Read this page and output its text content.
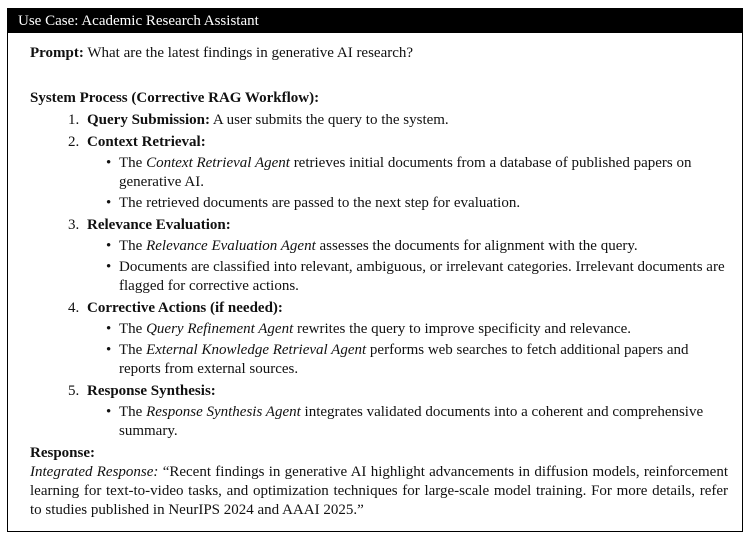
Use Case: Academic Research Assistant
Prompt: What are the latest findings in generative AI research?
System Process (Corrective RAG Workflow):
1. Query Submission: A user submits the query to the system.
2. Context Retrieval:
• The Context Retrieval Agent retrieves initial documents from a database of published papers on generative AI.
• The retrieved documents are passed to the next step for evaluation.
3. Relevance Evaluation:
• The Relevance Evaluation Agent assesses the documents for alignment with the query.
• Documents are classified into relevant, ambiguous, or irrelevant categories. Irrelevant documents are flagged for corrective actions.
4. Corrective Actions (if needed):
• The Query Refinement Agent rewrites the query to improve specificity and relevance.
• The External Knowledge Retrieval Agent performs web searches to fetch additional papers and reports from external sources.
5. Response Synthesis:
• The Response Synthesis Agent integrates validated documents into a coherent and comprehensive summary.
Response:
Integrated Response: “Recent findings in generative AI highlight advancements in diffusion models, reinforcement learning for text-to-video tasks, and optimization techniques for large-scale model training. For more details, refer to studies published in NeurIPS 2024 and AAAI 2025.”
